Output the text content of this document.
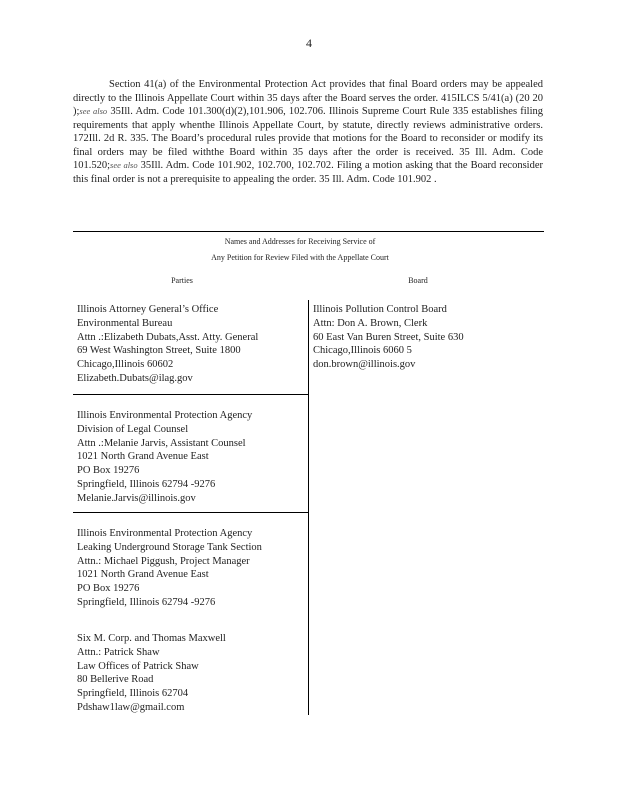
4
Section 41(a) of the Environmental Protection Act provides that final Board orders may be appealed directly to the Illinois Appellate Court within 35 days after the Board serves the order. 415ILCS 5/41(a) (20 20 );see also 35Ill. Adm. Code 101.300(d)(2),101.906, 102.706. Illinois Supreme Court Rule 335 establishes filing requirements that apply whenthe Illinois Appellate Court, by statute, directly reviews administrative orders. 172Ill. 2d R. 335. The Board’s procedural rules provide that motions for the Board to reconsider or modify its final orders may be filed withthe Board within 35 days after the order is received. 35 Ill. Adm. Code 101.520;see also 35Ill. Adm. Code 101.902, 102.700, 102.702. Filing a motion asking that the Board reconsider this final order is not a prerequisite to appealing the order. 35 Ill. Adm. Code 101.902 .
Names and Addresses for Receiving Service of
Any Petition for Review Filed with the Appellate Court
Parties	Board
Illinois Attorney General’s Office
Environmental Bureau
Attn .:Elizabeth Dubats,Asst. Atty. General
69 West Washington Street, Suite 1800
Chicago,Illinois 60602
Elizabeth.Dubats@ilag.gov
Illinois Environmental Protection Agency
Division of Legal Counsel
Attn .:Melanie Jarvis, Assistant Counsel
1021 North Grand Avenue East
PO Box 19276
Springfield, Illinois 62794 -9276
Melanie.Jarvis@illinois.gov
Illinois Environmental Protection Agency
Leaking Underground Storage Tank Section
Attn.: Michael Piggush, Project Manager
1021 North Grand Avenue East
PO Box 19276
Springfield, Illinois 62794 -9276
Six M. Corp. and Thomas Maxwell
Attn.: Patrick Shaw
Law Offices of Patrick Shaw
80 Bellerive Road
Springfield, Illinois 62704
Pdshaw1law@gmail.com
Illinois Pollution Control Board
Attn: Don A. Brown, Clerk
60 East Van Buren Street, Suite 630
Chicago,Illinois 6060 5
don.brown@illinois.gov
